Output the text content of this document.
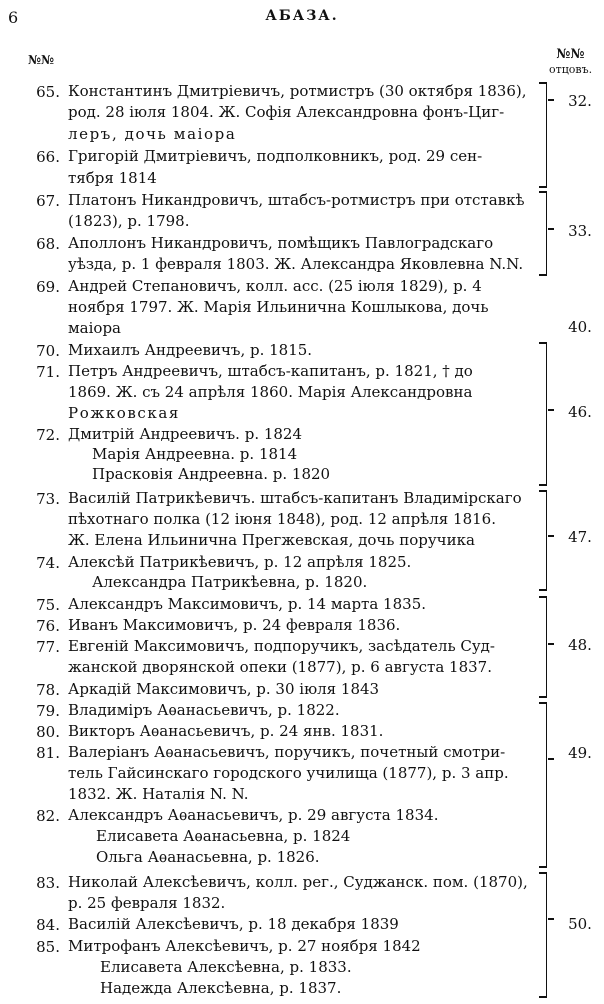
6	АБАЗА.
№№	№№
отцовъ.
65. Константинъ Дмитріевичъ, ротмистръ (30 октября 1836),
род. 28 іюля 1804. Ж. Софія Александровна фонъ-Циг-
леръ, дочь маіора
66. Григорій Дмитріевичъ, подполковникъ, род. 29 сен-
тября 1814
67. Платонъ Никандровичъ, штабсъ-ротмистръ при отставкѣ
(1823), р. 1798.
68. Аполлонъ Никандровичъ, помѣщикъ Павлоградскаго
уѣзда, р. 1 февраля 1803. Ж. Александра Яковлевна N.N.
69. Андрей Степановичъ, колл. асс. (25 іюля 1829), р. 4
ноября 1797. Ж. Марія Ильинична Кошлыкова, дочь
маіора
70. Михаилъ Андреевичъ, р. 1815.
71. Петръ Андреевичъ, штабсъ-капитанъ, р. 1821, † до
1869. Ж. съ 24 апрѣля 1860. Марія Александровна
Рожковская
72. Дмитрій Андреевичъ. р. 1824
Марія Андреевна. р. 1814
Прасковія Андреевна. р. 1820
73. Василій Патрикѣевичъ. штабсъ-капитанъ Владимірскаго
пѣхотнаго полка (12 іюня 1848), род. 12 апрѣля 1816.
Ж. Елена Ильинична Прегжевская, дочь поручика
74. Алексѣй Патрикѣевичъ, р. 12 апрѣля 1825.
Александра Патрикѣевна, р. 1820.
75. Александръ Максимовичъ, р. 14 марта 1835.
76. Иванъ Максимовичъ, р. 24 февраля 1836.
77. Евгеній Максимовичъ, подпоручикъ, засѣдатель Суд-
жанской дворянской опеки (1877), р. 6 августа 1837.
78. Аркадій Максимовичъ, р. 30 іюля 1843
79. Владиміръ Аѳанасьевичъ, р. 1822.
80. Викторъ Аѳанасьевичъ, р. 24 янв. 1831.
81. Валеріанъ Аѳанасьевичъ, поручикъ, почетный смотри-
тель Гайсинскаго городского училища (1877), р. 3 апр.
1832. Ж. Наталія N. N.
82. Александръ Аѳанасьевичъ, р. 29 августа 1834.
Елисавета Аѳанасьевна, р. 1824
Ольга Аѳанасьевна, р. 1826.
83. Николай Алексѣевичъ, колл. рег., Суджанск. пом. (1870),
р. 25 февраля 1832.
84. Василій Алексѣевичъ, р. 18 декабря 1839
85. Митрофанъ Алексѣевичъ, р. 27 ноября 1842
Елисавета Алексѣевна, р. 1833.
Надежда Алексѣевна, р. 1837.
32.
33.
40.
46.
47.
48.
49.
50.
